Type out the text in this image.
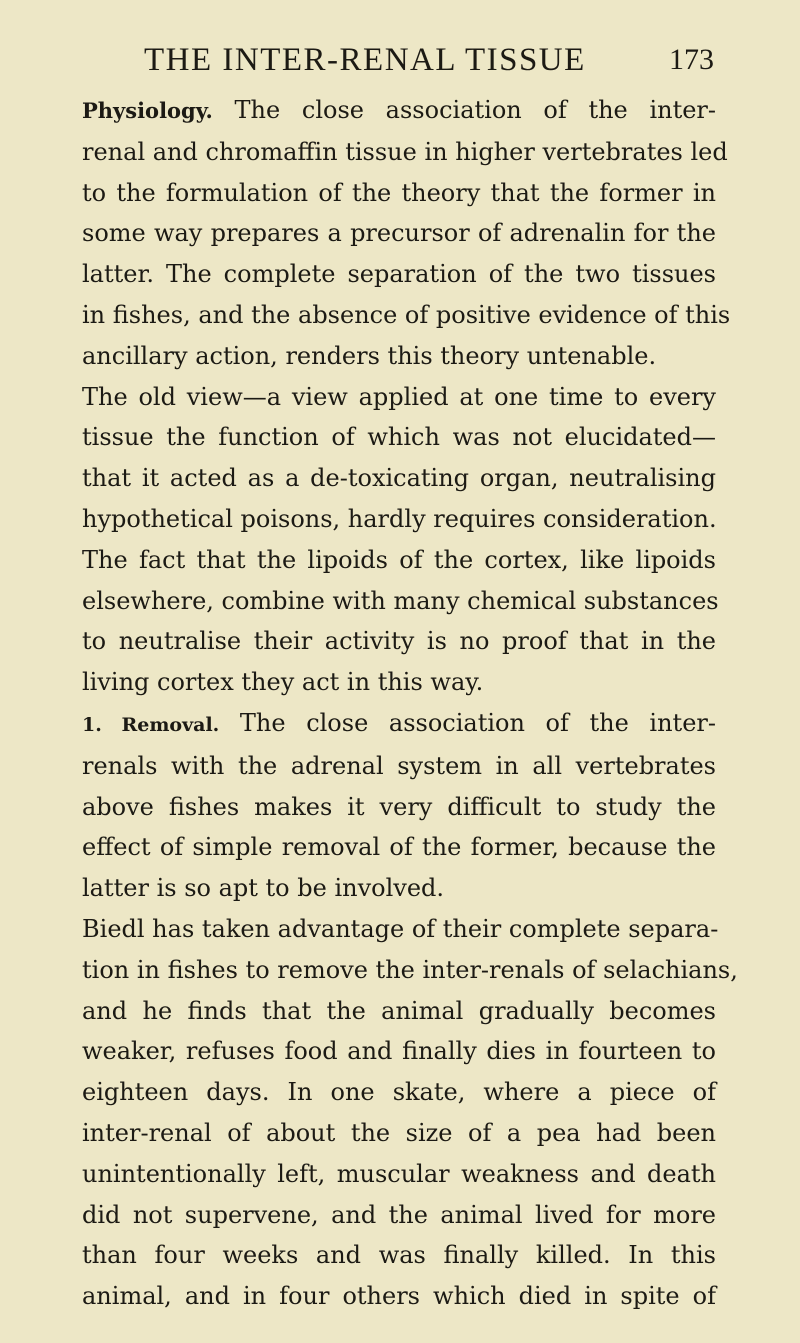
THE INTER-RENAL TISSUE	173

Physiology. The close association of the inter-

renal and chromaffin tissue in higher vertebrates led

to the formulation of the theory that the former in

some way prepares a precursor of adrenalin for the

latter. The complete separation of the two tissues

in fishes, and the absence of positive evidence of this

ancillary action, renders this theory untenable.

The old view—a view applied at one time to every

tissue the function of which was not elucidated—

that it acted as a de-toxicating organ, neutralising

hypothetical poisons, hardly requires consideration.

The fact that the lipoids of the cortex, like lipoids

elsewhere, combine with many chemical substances

to neutralise their activity is no proof that in the

living cortex they act in this way.

1. Removal. The close association of the inter-

renals with the adrenal system in all vertebrates

above fishes makes it very difficult to study the

effect of simple removal of the former, because the

latter is so apt to be involved.

Biedl has taken advantage of their complete separa-

tion in fishes to remove the inter-renals of selachians,

and he finds that the animal gradually becomes

weaker, refuses food and finally dies in fourteen to

eighteen days. In one skate, where a piece of

inter-renal of about the size of a pea had been

unintentionally left, muscular weakness and death

did not supervene, and the animal lived for more

than four weeks and was finally killed. In this

animal, and in four others which died in spite of
